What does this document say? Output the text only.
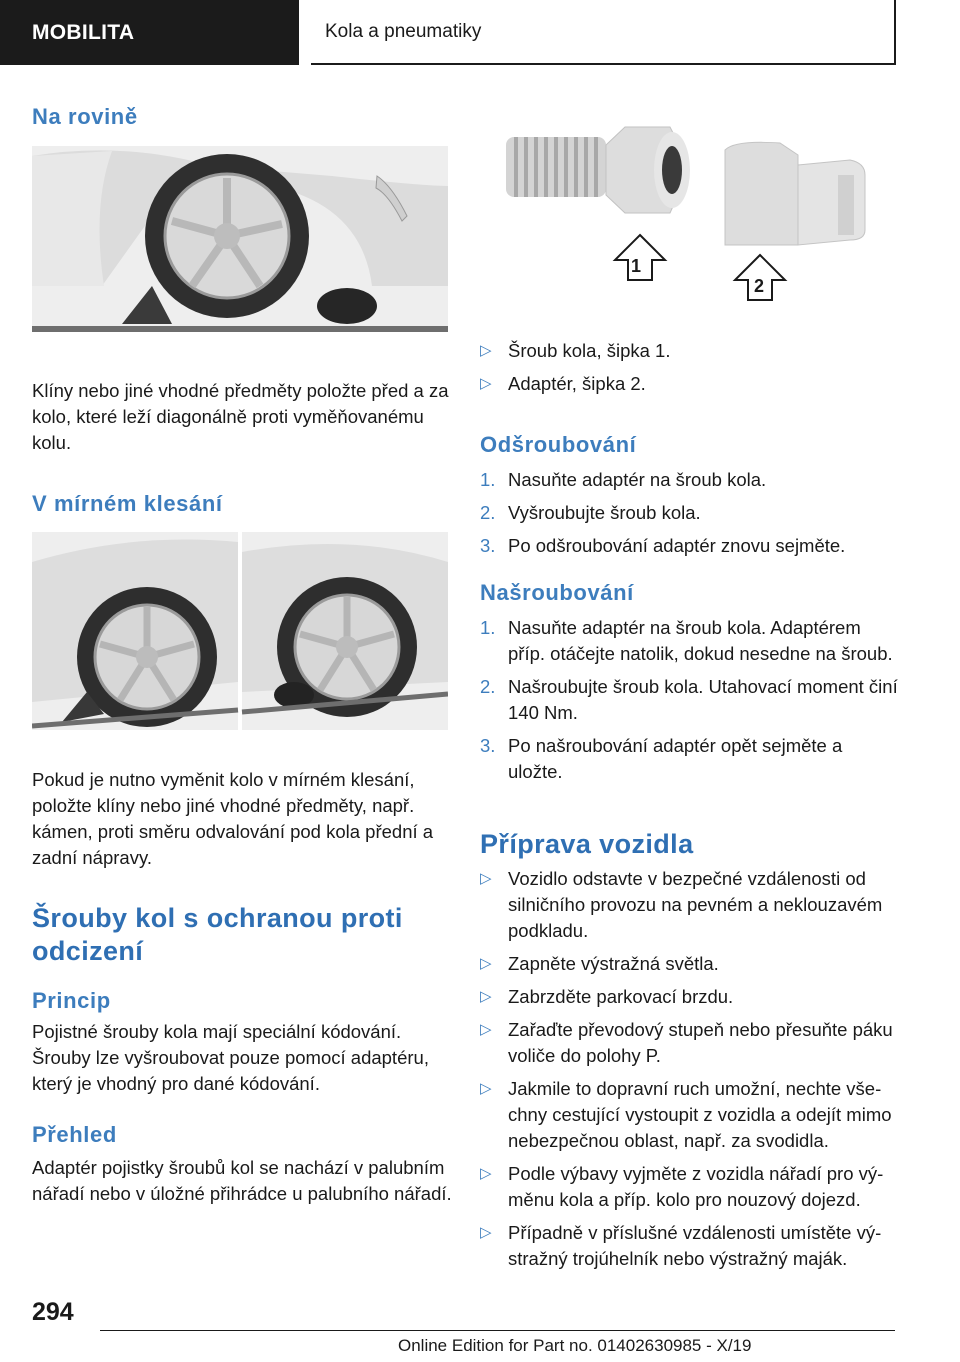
MOBILITA	Kola a pneumatiky
Na rovině

Klíny nebo jiné vhodné předměty položte před a za kolo, které leží diagonálně proti vyměňovanému kolu.

V mírném klesání

Pokud je nutno vyměnit kolo v mírném klesání, položte klíny nebo jiné vhodné předměty, např. kámen, proti směru odvalování pod kola přední a zadní nápravy.

Šrouby kol s ochranou proti odcizení
Princip

Pojistné šrouby kola mají speciální kódování. Šrouby lze vyšroubovat pouze pomocí adaptéru, který je vhodný pro dané kódování.

Přehled

Adaptér pojistky šroubů kol se nachází v palubním nářadí nebo v úložné přihrádce u palubního nářadí.

1
2
▷ Šroub kola, šipka 1.
▷ Adaptér, šipka 2.
Odšroubování
1. Nasuňte adaptér na šroub kola.
2. Vyšroubujte šroub kola.
3. Po odšroubování adaptér znovu sejměte.
Našroubování
1. Nasuňte adaptér na šroub kola. Adaptérem příp. otáčejte natolik, dokud nesedne na šroub.
2. Našroubujte šroub kola. Utahovací moment činí 140 Nm.
3. Po našroubování adaptér opět sejměte a uložte.
Příprava vozidla
▷ Vozidlo odstavte v bezpečné vzdálenosti od silničního provozu na pevném a neklouzavém podkladu.
▷ Zapněte výstražná světla.
▷ Zabrzděte parkovací brzdu.
▷ Zařaďte převodový stupeň nebo přesuňte páku voliče do polohy P.
▷ Jakmile to dopravní ruch umožní, nechte všechny cestující vystoupit z vozidla a odejít mimo nebezpečnou oblast, např. za svodidla.
▷ Podle výbavy vyjměte z vozidla nářadí pro výměnu kola a příp. kolo pro nouzový dojezd.
▷ Případně v příslušné vzdálenosti umístěte výstražný trojúhelník nebo výstražný maják.
294
Online Edition for Part no. 01402630985 - X/19
